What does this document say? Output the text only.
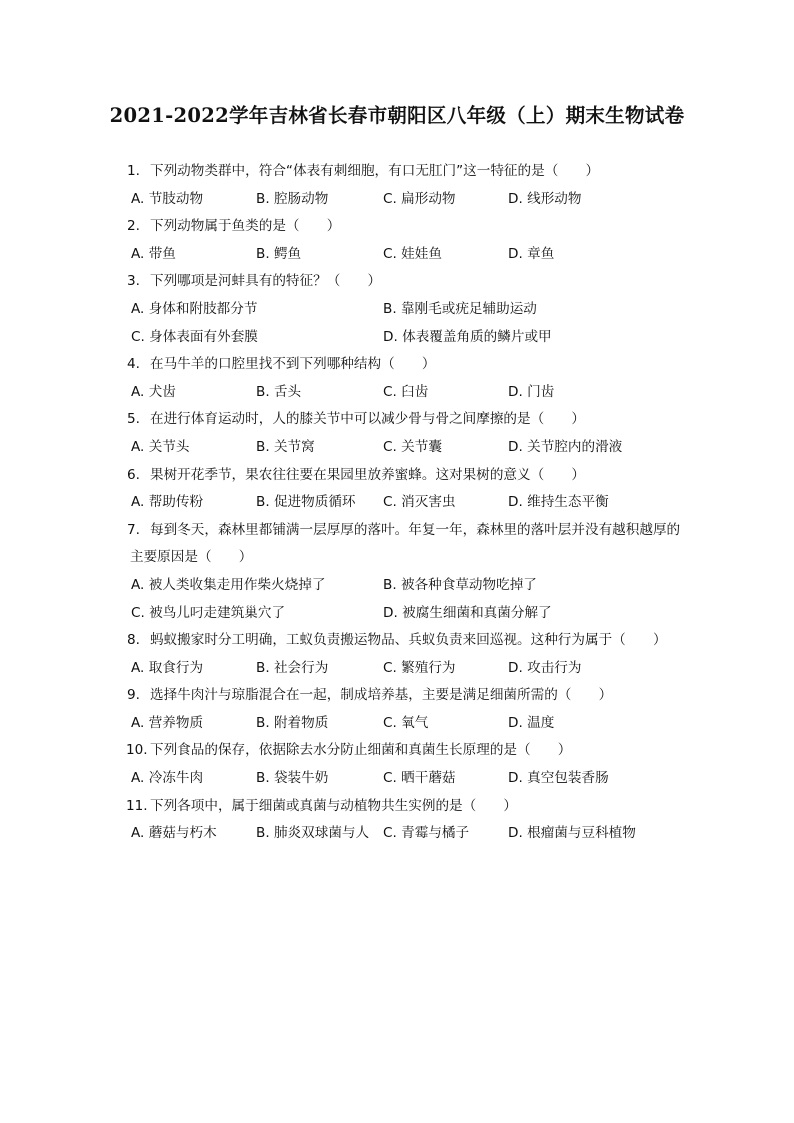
2021-2022学年吉林省长春市朝阳区八年级（上）期末生物试卷
1. 下列动物类群中，符合“体表有刺细胞，有口无肛门”这一特征的是（　　）
A. 节肢动物	B. 腔肠动物	C. 扁形动物	D. 线形动物
2. 下列动物属于鱼类的是（　　）
A. 带鱼	B. 鳄鱼	C. 娃娃鱼	D. 章鱼
3. 下列哪项是河蚌具有的特征？（　　）
A. 身体和附肢都分节	B. 靠刚毛或疣足辅助运动
C. 身体表面有外套膜	D. 体表覆盖角质的鳞片或甲
4. 在马牛羊的口腔里找不到下列哪种结构（　　）
A. 犬齿	B. 舌头	C. 臼齿	D. 门齿
5. 在进行体育运动时，人的膝关节中可以减少骨与骨之间摩擦的是（　　）
A. 关节头	B. 关节窝	C. 关节囊	D. 关节腔内的滑液
6. 果树开花季节，果农往往要在果园里放养蜜蜂。这对果树的意义（　　）
A. 帮助传粉	B. 促进物质循环 C. 消灭害虫	D. 维持生态平衡
7. 每到冬天，森林里都铺满一层厚厚的落叶。年复一年，森林里的落叶层并没有越积越厚的
主要原因是（　　）
A. 被人类收集走用作柴火烧掉了	B. 被各种食草动物吃掉了
C. 被鸟儿叼走建筑巢穴了	D. 被腐生细菌和真菌分解了
8. 蚂蚁搬家时分工明确，工蚁负责搬运物品、兵蚁负责来回巡视。这种行为属于（　　）
A. 取食行为	B. 社会行为	C. 繁殖行为	D. 攻击行为
9. 选择牛肉汁与琼脂混合在一起，制成培养基，主要是满足细菌所需的（　　）
A. 营养物质	B. 附着物质	C. 氧气	D. 温度
10. 下列食品的保存，依据除去水分防止细菌和真菌生长原理的是（　　）
A. 冷冻牛肉	B. 袋装牛奶	C. 晒干蘑菇	D. 真空包装香肠
11. 下列各项中，属于细菌或真菌与动植物共生实例的是（　　）
A. 蘑菇与朽木	B. 肺炎双球菌与人 C. 青霉与橘子	D. 根瘤菌与豆科植物
